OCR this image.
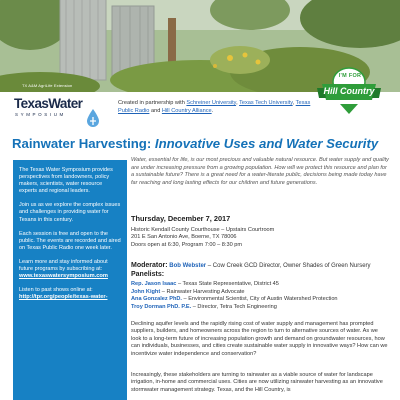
TX A&M AgriLife Extension
I'M FOR
Hill Country
TexasWater
SYMPOSIUM
Created in partnership with Schreiner University, Texas Tech University, Texas Public Radio and Hill Country Alliance.
Rainwater Harvesting: Innovative Uses and Water Security

The Texas Water Symposium provides perspectives from landowners, policy makers, scientists, water resource experts and regional leaders.

Join us as we explore the complex issues and challenges in providing water for Texans in this century.

Each session is free and open to the public. The events are recorded and aired on Texas Public Radio one week later.

Learn more and stay informed about future programs by subscribing at:
www.texaswatersymposium.com

Listen to past shows online at:
http://tpr.org/people/texas-water-

Water, essential for life, is our most precious and valuable natural resource. But water supply and quality are under increasing pressure from a growing population. How will we protect this resource and plan for a sustainable future? There is a great need for a water-literate public, decisions being made today have far reaching and long lasting effects for our children and future generations.
Thursday, December 7, 2017
Historic Kendall County Courthouse – Upstairs Courtroom
201 E San Antonio Ave, Boerne, TX 78006
Doors open at 6:30, Program 7:00 – 8:30 pm
Moderator: Bob Webster – Cow Creek GCD Director, Owner Shades of Green Nursery
Panelists:
Rep. Jason Isaac – Texas State Representative, District 45
John Kight – Rainwater Harvesting Advocate
Ana Gonzalez PhD. – Environmental Scientist, City of Austin Watershed Protection
Troy Dorman PhD. P.E. – Director, Tetra Tech Engineering
Declining aquifer levels and the rapidly rising cost of water supply and management has prompted suppliers, builders, and homeowners across the region to turn to alternative sources of water. As we look to a long-term future of increasing population growth and demand on groundwater resources, how can individuals, businesses, and cities create sustainable water supply in innovative ways? How can we incentivize water independence and conservation?
Increasingly, these stakeholders are turning to rainwater as a viable source of water for landscape irrigation, in-home and commercial uses. Cities are now utilizing rainwater harvesting as an innovative stormwater management strategy. Texas, and the Hill Country, is
